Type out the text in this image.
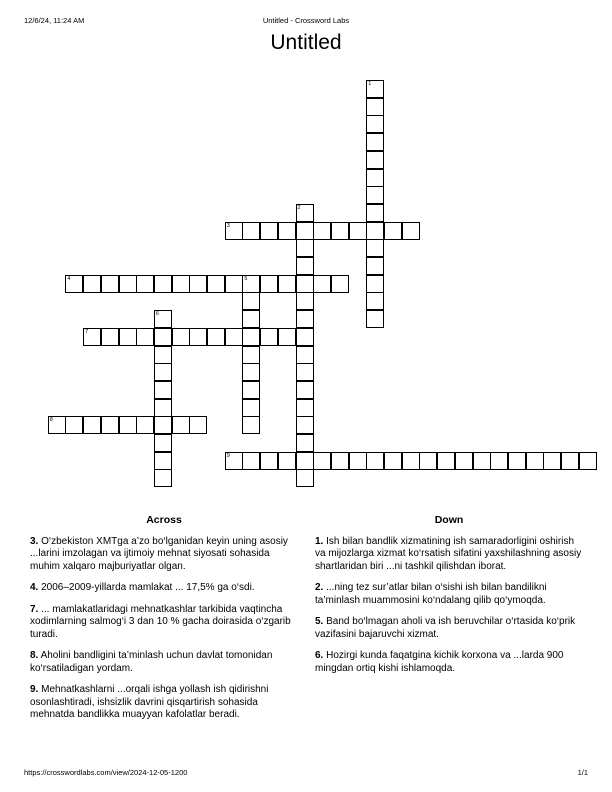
12/6/24, 11:24 AM	Untitled - Crossword Labs
Untitled
1
2
3
4	5
6
7
8
9
Across
3. O‘zbekiston XMTga a’zo bo‘lganidan keyin uning asosiy ...larini imzolagan va ijtimoiy mehnat siyosati sohasida muhim xalqaro majburiyatlar olgan.
4. 2006–2009-yillarda mamlakat ... 17,5% ga o‘sdi.
7. ... mamlakatlaridagi mehnatkashlar tarkibida vaqtincha xodimlarning salmog‘i 3 dan 10 % gacha doirasida o‘zgarib turadi.
8. Aholini bandligini ta’minlash uchun davlat tomonidan ko‘rsatiladigan yordam.
9. Mehnatkashlarni ...orqali ishga yollash ish qidirishni osonlashtiradi, ishsizlik davrini qisqartirish sohasida mehnatda bandlikka muayyan kafolatlar beradi.
Down
1. Ish bilan bandlik xizmatining ish samaradorligini oshirish va mijozlarga xizmat ko‘rsatish sifatini yaxshilashning asosiy shartlaridan biri ...ni tashkil qilishdan iborat.
2. ...ning tez sur’atlar bilan o‘sishi ish bilan bandilikni ta’minlash muammosini ko‘ndalang qilib qo‘ymoqda.
5. Band bo‘lmagan aholi va ish beruvchilar o‘rtasida ko‘prik vazifasini bajaruvchi xizmat.
6. Hozirgi kunda faqatgina kichik korxona va ...larda 900 mingdan ortiq kishi ishlamoqda.
https://crosswordlabs.com/view/2024-12-05-1200	1/1
